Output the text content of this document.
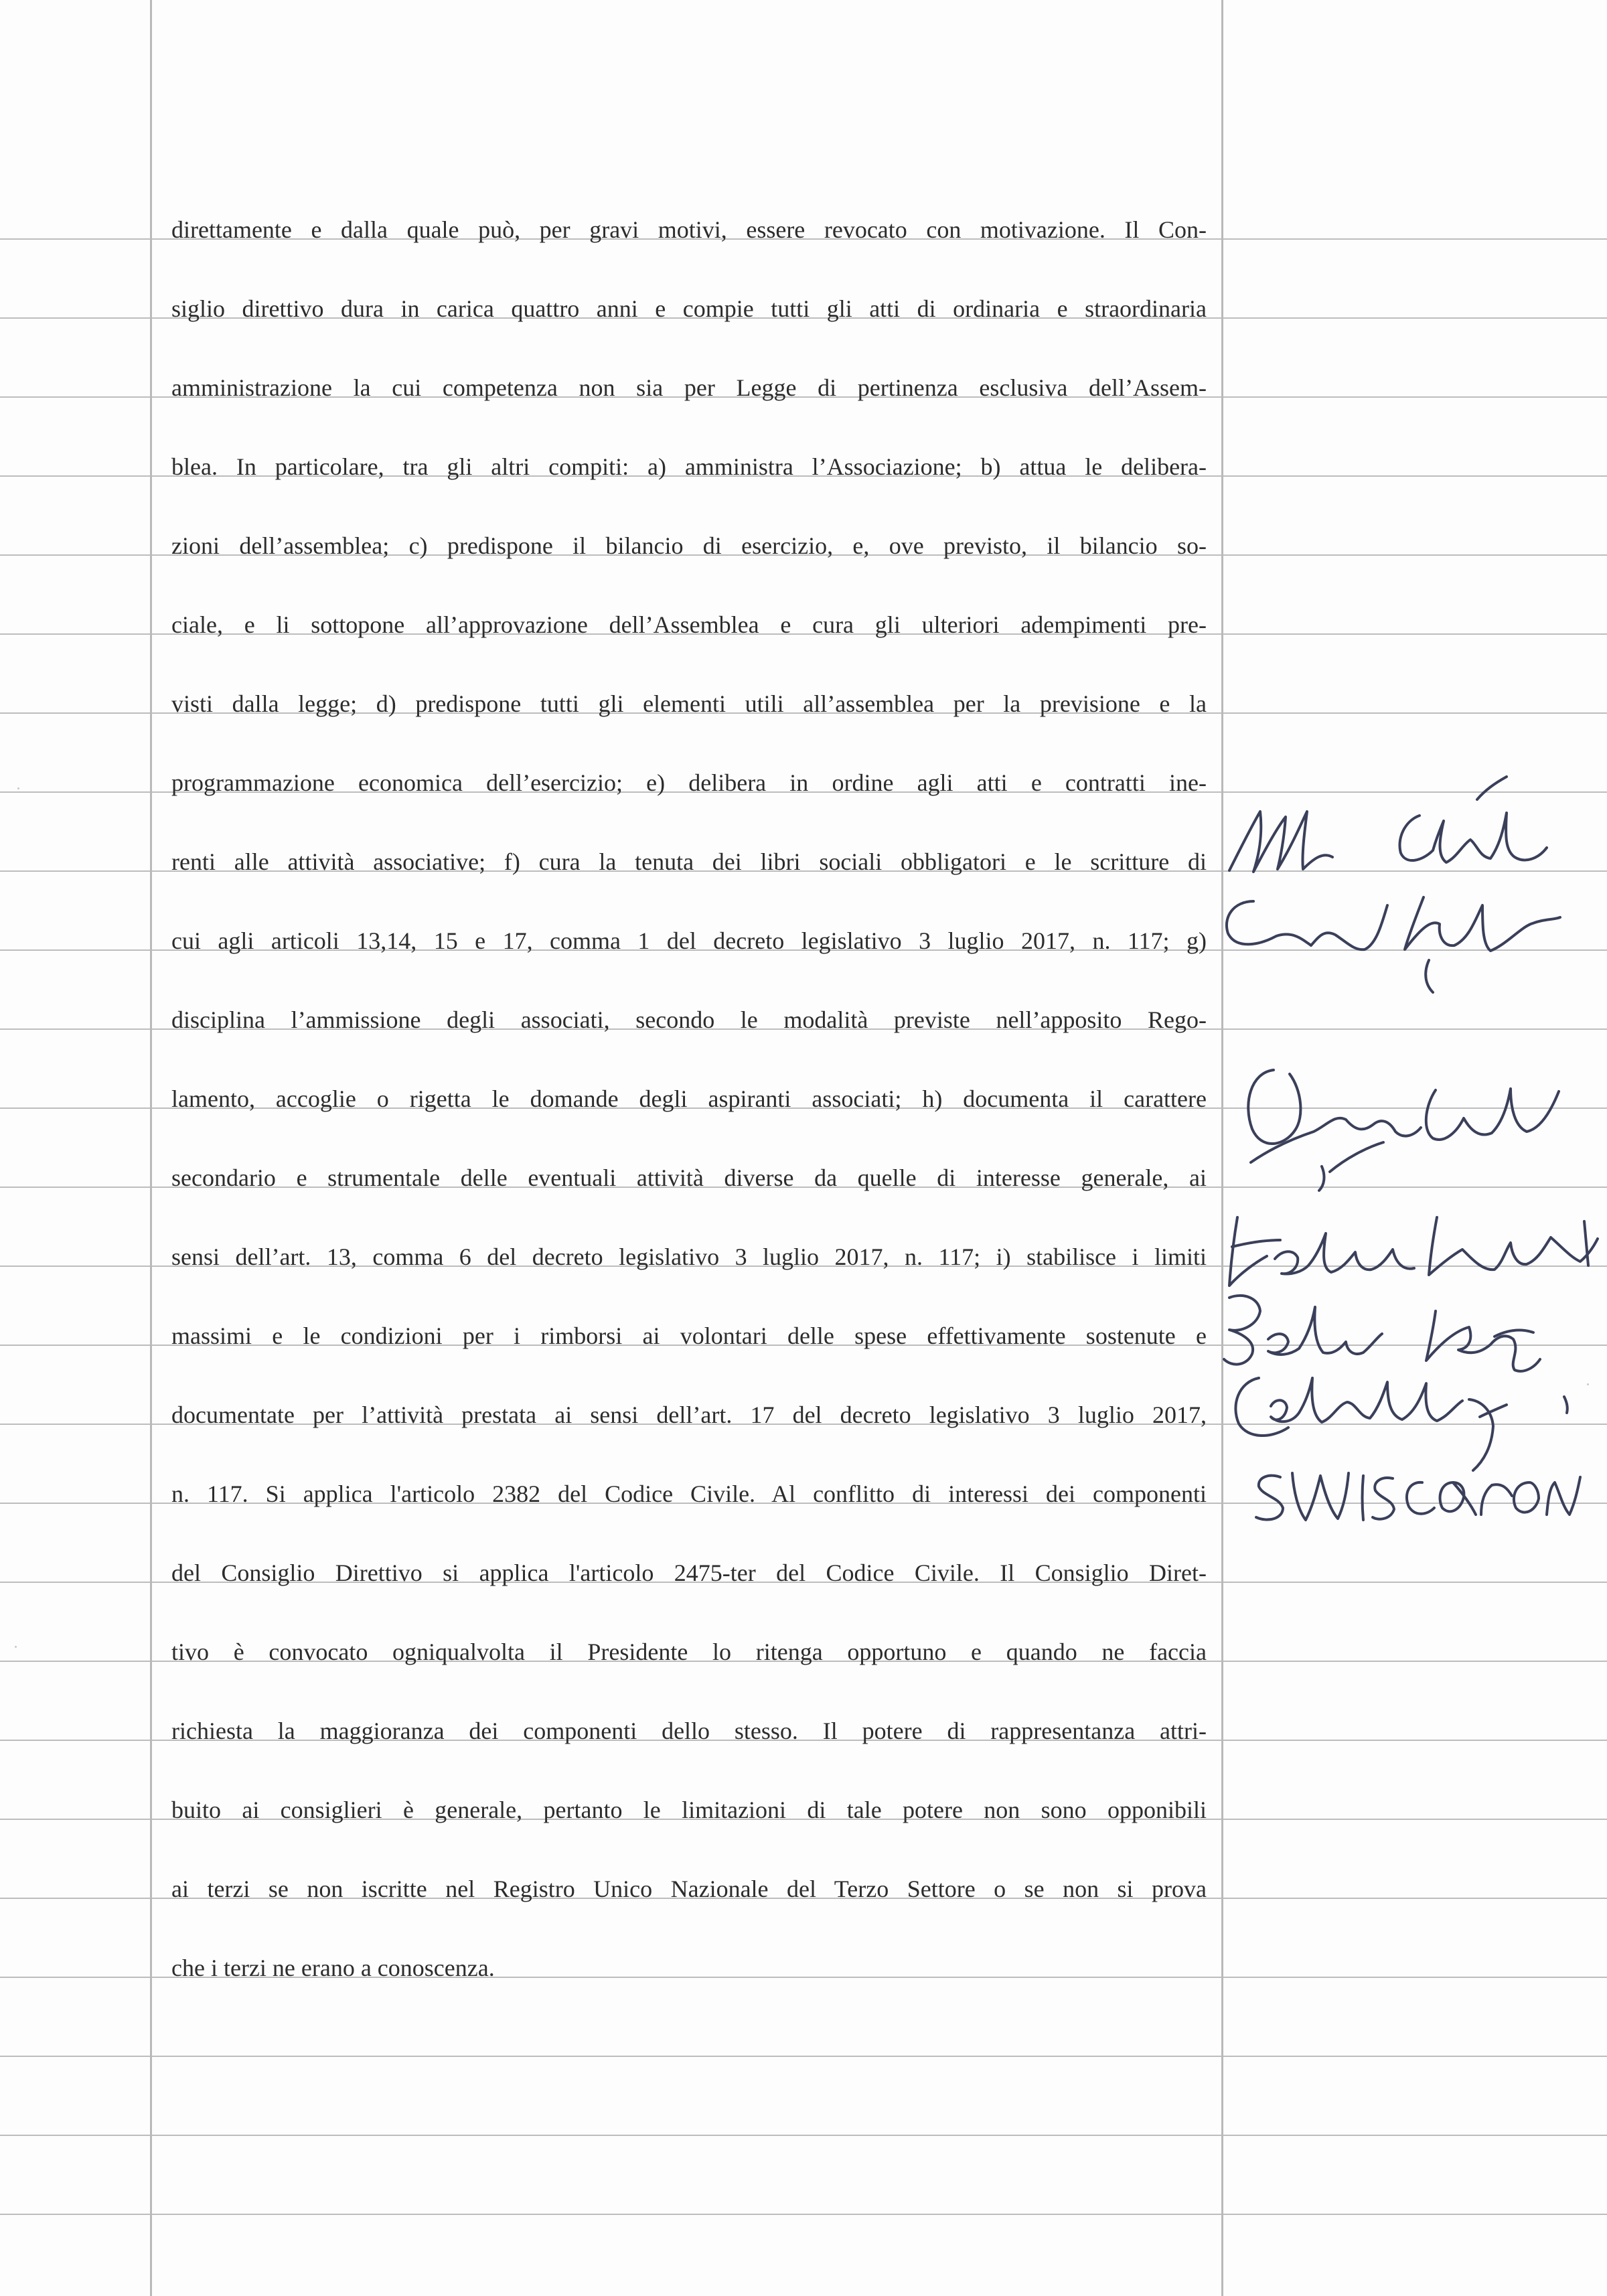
direttamente e dalla quale può, per gravi motivi, essere revocato con motivazione. Il Con-
siglio direttivo dura in carica quattro anni e compie tutti gli atti di ordinaria e straordinaria
amministrazione la cui competenza non sia per Legge di pertinenza esclusiva dell’Assem-
blea. In particolare, tra gli altri compiti: a) amministra l’Associazione; b) attua le delibera-
zioni dell’assemblea; c) predispone il bilancio di esercizio, e, ove previsto, il bilancio so-
ciale, e li sottopone all’approvazione dell’Assemblea e cura gli ulteriori adempimenti pre-
visti dalla legge; d) predispone tutti gli elementi utili all’assemblea per la previsione e la
programmazione economica dell’esercizio; e) delibera in ordine agli atti e contratti ine-
renti alle attività associative; f) cura la tenuta dei libri sociali obbligatori e le scritture di
cui agli articoli 13,14, 15 e 17, comma 1 del decreto legislativo 3 luglio 2017, n. 117; g)
disciplina l’ammissione degli associati, secondo le modalità previste nell’apposito Rego-
lamento, accoglie o rigetta le domande degli aspiranti associati; h) documenta il carattere
secondario e strumentale delle eventuali attività diverse da quelle di interesse generale, ai
sensi dell’art. 13, comma 6 del decreto legislativo 3 luglio 2017, n. 117; i) stabilisce i limiti
massimi e le condizioni per i rimborsi ai volontari delle spese effettivamente sostenute e
documentate per l’attività prestata ai sensi dell’art. 17 del decreto legislativo 3 luglio 2017,
n. 117. Si applica l'articolo 2382 del Codice Civile. Al conflitto di interessi dei componenti
del Consiglio Direttivo si applica l'articolo 2475-ter del Codice Civile. Il Consiglio Diret-
tivo è convocato ogniqualvolta il Presidente lo ritenga opportuno e quando ne faccia
richiesta la maggioranza dei componenti dello stesso. Il potere di rappresentanza attri-
buito ai consiglieri è generale, pertanto le limitazioni di tale potere non sono opponibili
ai terzi se non iscritte nel Registro Unico Nazionale del Terzo Settore o se non si prova
che i terzi ne erano a conoscenza.
